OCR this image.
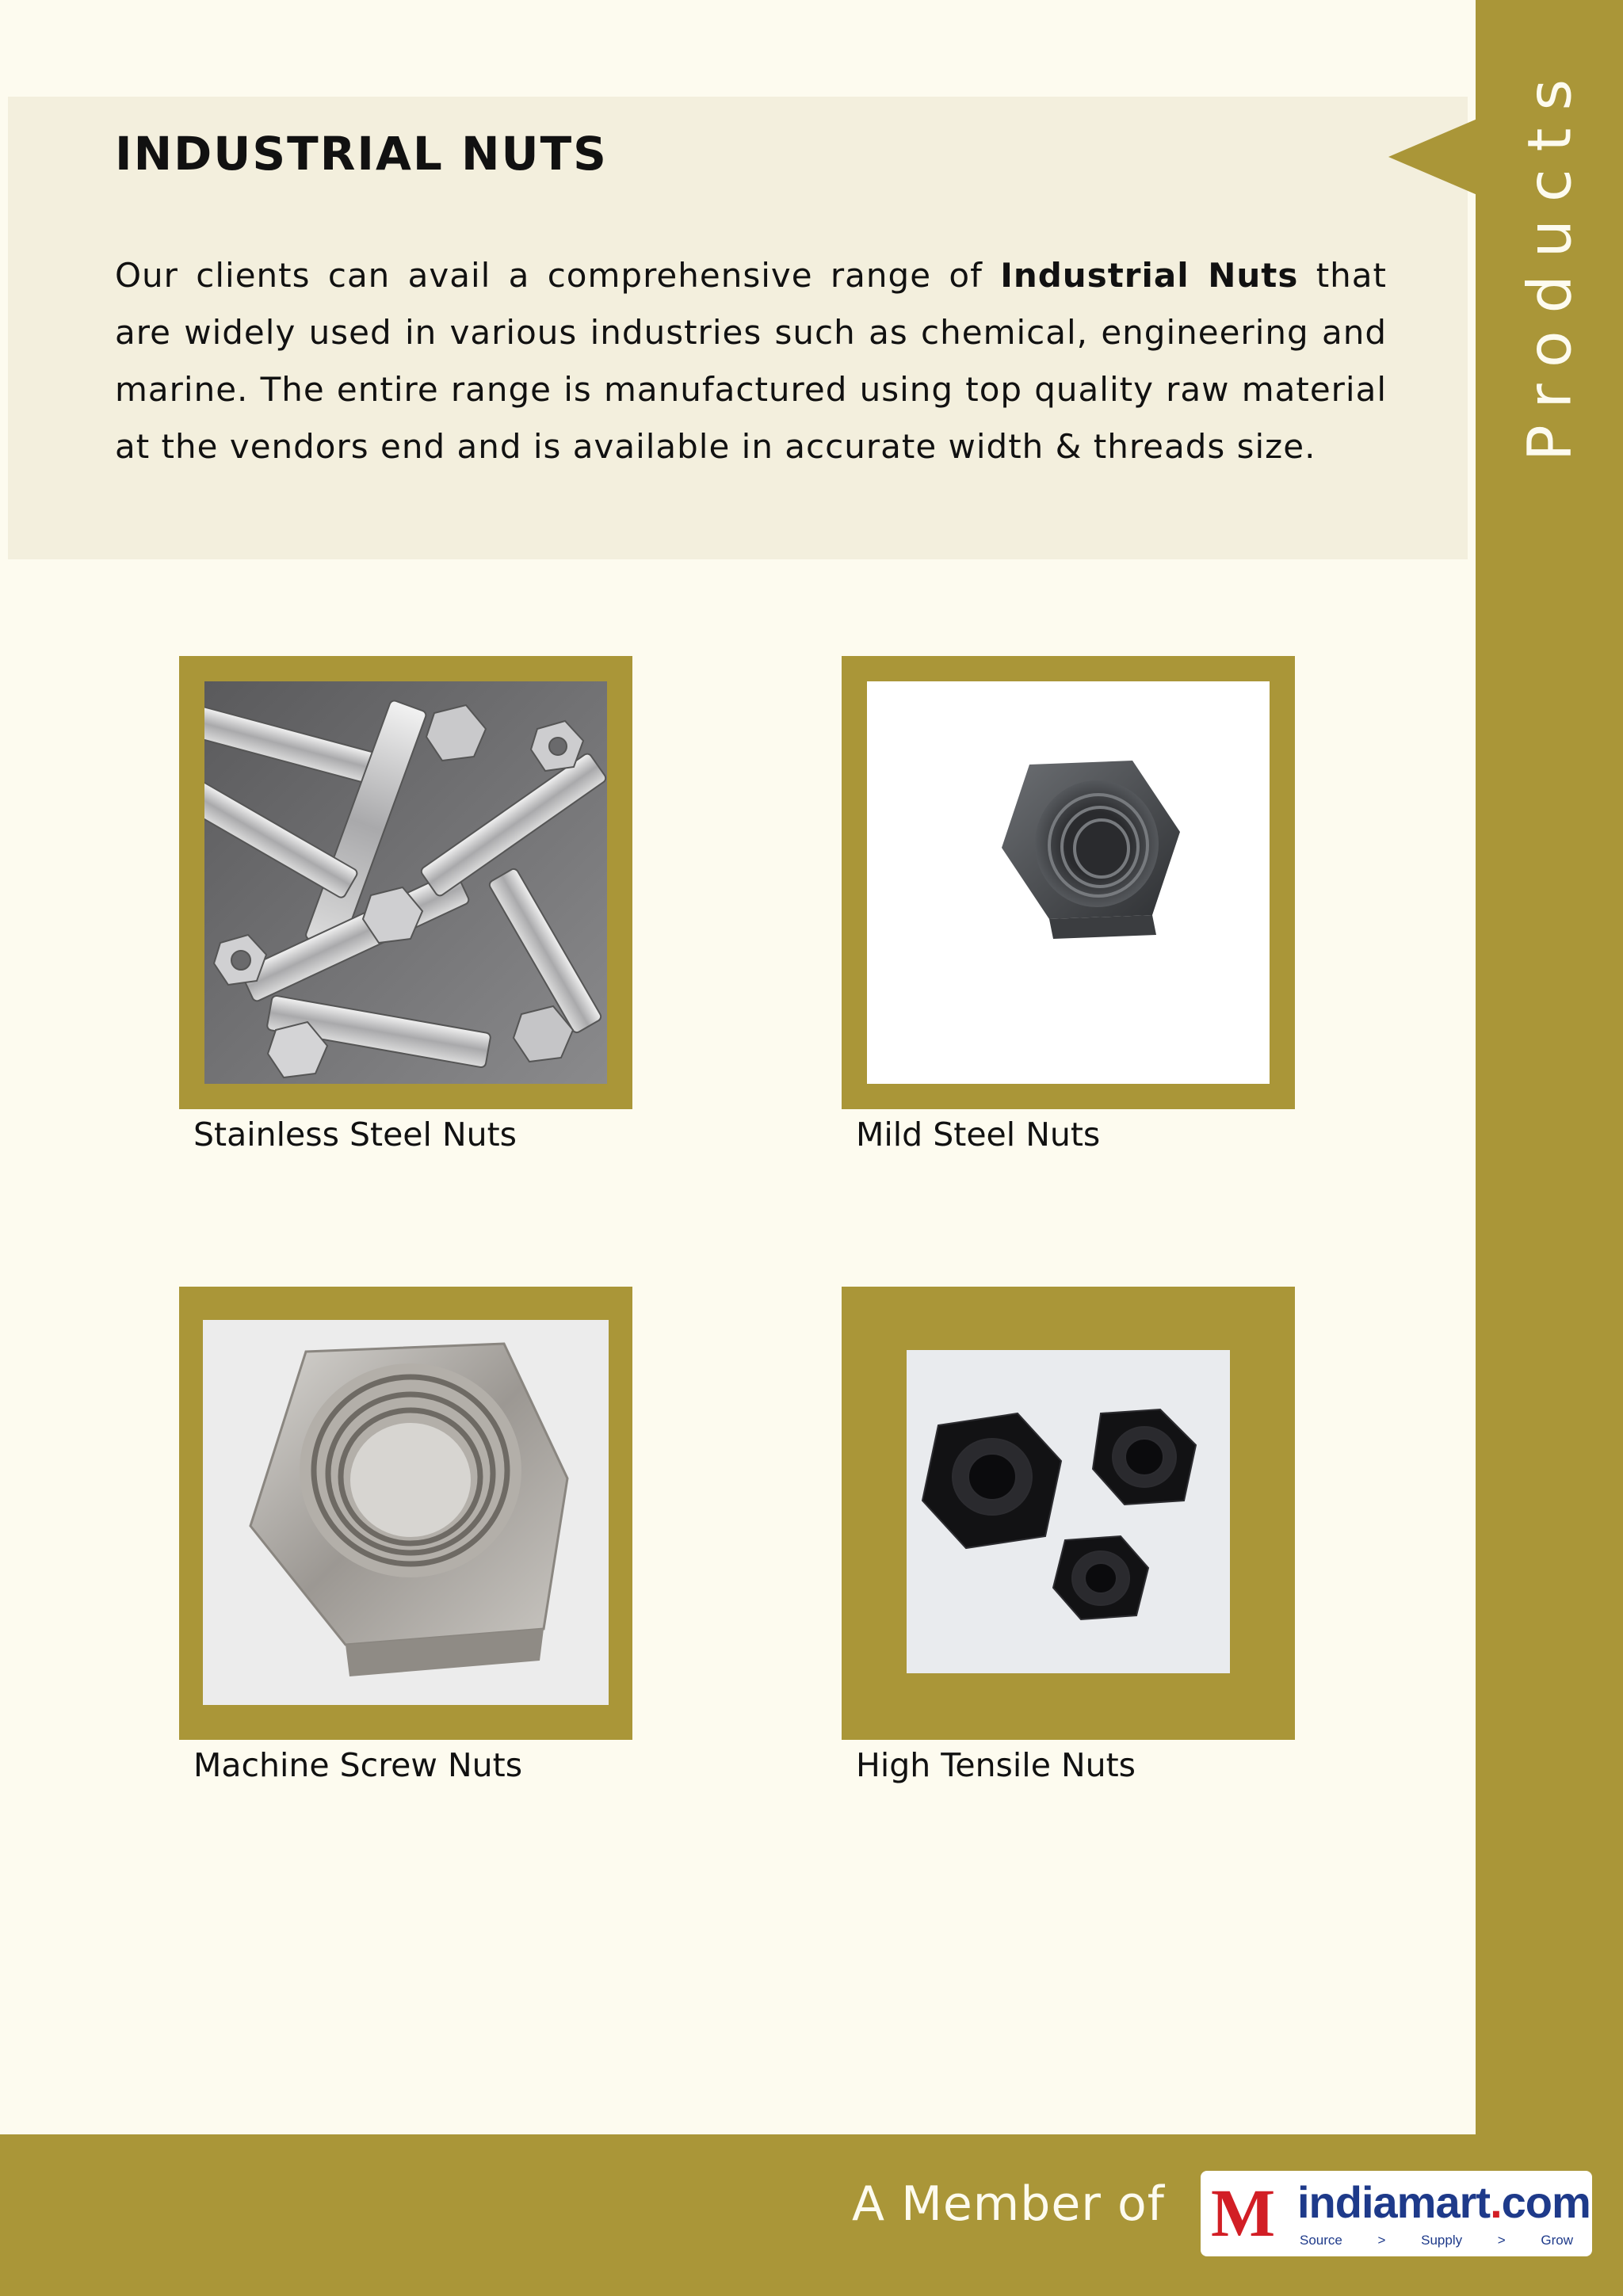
Products
INDUSTRIAL NUTS

Our clients can avail a comprehensive range of Industrial Nuts that are widely used in various industries such as chemical, engineering and marine. The entire range is manufactured using top quality raw material at the vendors end and is available in accurate width & threads size.

Stainless Steel Nuts	Mild Steel Nuts
Machine Screw Nuts	High Tensile Nuts
A Member of M indiamart.com
Source	>	Supply	>	Grow
